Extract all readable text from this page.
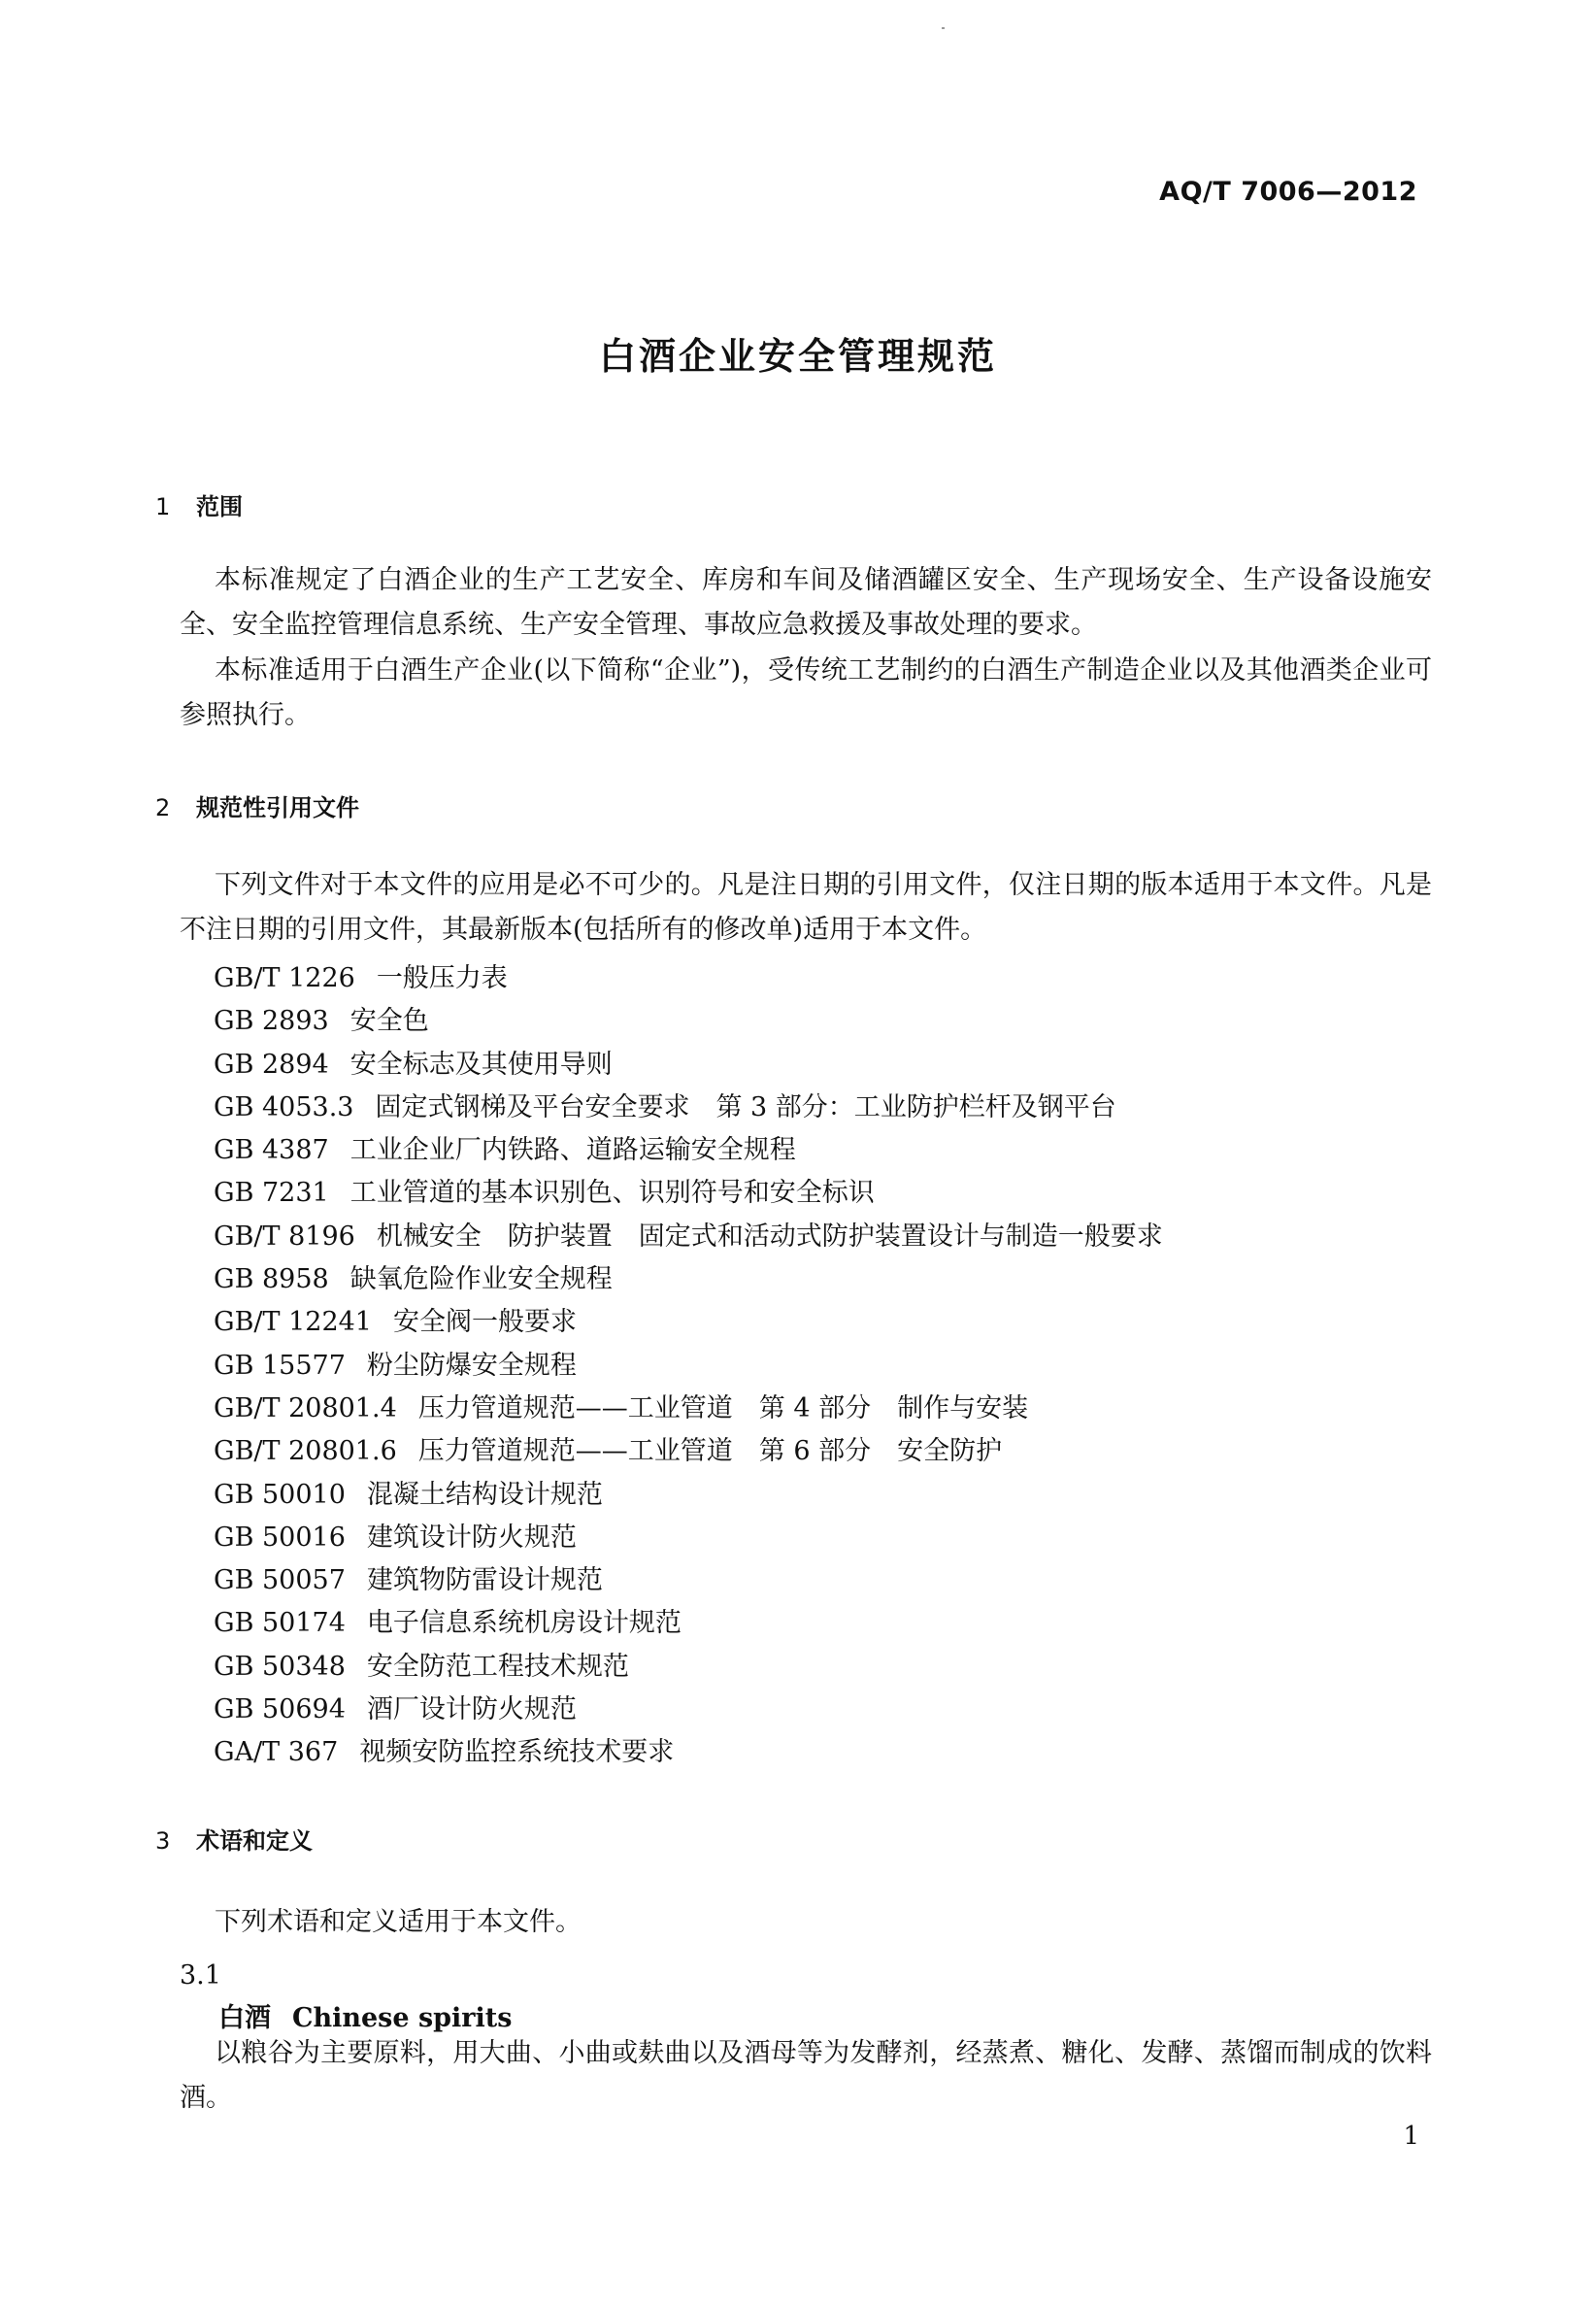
AQ/T 7006—2012
白酒企业安全管理规范
1 范围

本标准规定了白酒企业的生产工艺安全、库房和车间及储酒罐区安全、生产现场安全、生产设备设施安全、安全监控管理信息系统、生产安全管理、事故应急救援及事故处理的要求。

本标准适用于白酒生产企业(以下简称“企业”)，受传统工艺制约的白酒生产制造企业以及其他酒类企业可参照执行。

2 规范性引用文件

下列文件对于本文件的应用是必不可少的。凡是注日期的引用文件，仅注日期的版本适用于本文件。凡是不注日期的引用文件，其最新版本(包括所有的修改单)适用于本文件。

GB/T 1226 一般压力表
GB 2893 安全色
GB 2894 安全标志及其使用导则
GB 4053.3 固定式钢梯及平台安全要求　第 3 部分：工业防护栏杆及钢平台
GB 4387 工业企业厂内铁路、道路运输安全规程
GB 7231 工业管道的基本识别色、识别符号和安全标识
GB/T 8196 机械安全　防护装置　固定式和活动式防护装置设计与制造一般要求
GB 8958 缺氧危险作业安全规程
GB/T 12241 安全阀一般要求
GB 15577 粉尘防爆安全规程
GB/T 20801.4 压力管道规范——工业管道　第 4 部分　制作与安装
GB/T 20801.6 压力管道规范——工业管道　第 6 部分　安全防护
GB 50010 混凝土结构设计规范
GB 50016 建筑设计防火规范
GB 50057 建筑物防雷设计规范
GB 50174 电子信息系统机房设计规范
GB 50348 安全防范工程技术规范
GB 50694 酒厂设计防火规范
GA/T 367 视频安防监控系统技术要求
3 术语和定义

下列术语和定义适用于本文件。

3.1
白酒 Chinese spirits

以粮谷为主要原料，用大曲、小曲或麸曲以及酒母等为发酵剂，经蒸煮、糖化、发酵、蒸馏而制成的饮料酒。

1
